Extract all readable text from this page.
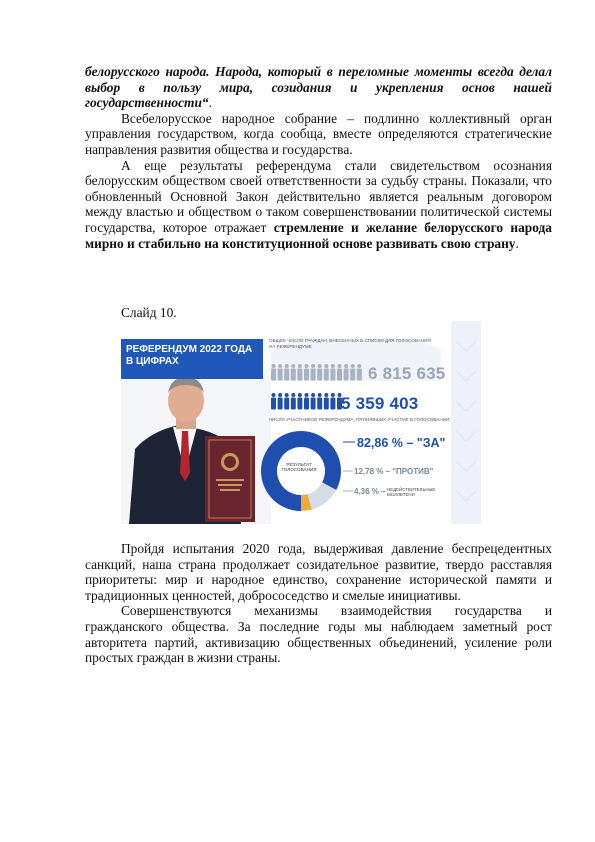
белорусского народа. Народа, который в переломные моменты всегда делал выбор в пользу мира, созидания и укрепления основ нашей государственности“.

Всебелорусское народное собрание – подлинно коллективный орган управления государством, когда сообща, вместе определяются стратегические направления развития общества и государства.

А еще результаты референдума стали свидетельством осознания белорусским обществом своей ответственности за судьбу страны. Показали, что обновленный Основной Закон действительно является реальным договором между властью и обществом о таком совершенствовании политической системы государства, которое отражает стремление и желание белорусского народа мирно и стабильно на конституционной основе развивать свою страну.

Слайд 10.
РЕФЕРЕНДУМ 2022 ГОДА
В ЦИФРАХ
ОБЩЕЕ ЧИСЛО ГРАЖДАН, ВНЕСЕННЫХ В СПИСКИ ДЛЯ ГОЛОСОВАНИЯ
НА РЕФЕРЕНДУМЕ
6 815 635
5 359 403
ЧИСЛО УЧАСТНИКОВ РЕФЕРЕНДУМА, ПРИНЯВШИХ УЧАСТИЕ В ГОЛОСОВАНИИ
РЕЗУЛЬТАТ
ГОЛОСОВАНИЯ
82,86 % – "ЗА"
12,78 % – "ПРОТИВ"
4,36 % – НЕДЕЙСТВИТЕЛЬНЫЕ
БЮЛЛЕТЕНИ

Пройдя испытания 2020 года, выдерживая давление беспрецедентных санкций, наша страна продолжает созидательное развитие, твердо расставляя приоритеты: мир и народное единство, сохранение исторической памяти и традиционных ценностей, добрососедство и смелые инициативы.

Совершенствуются механизмы взаимодействия государства и гражданского общества. За последние годы мы наблюдаем заметный рост авторитета партий, активизацию общественных объединений, усиление роли простых граждан в жизни страны.
